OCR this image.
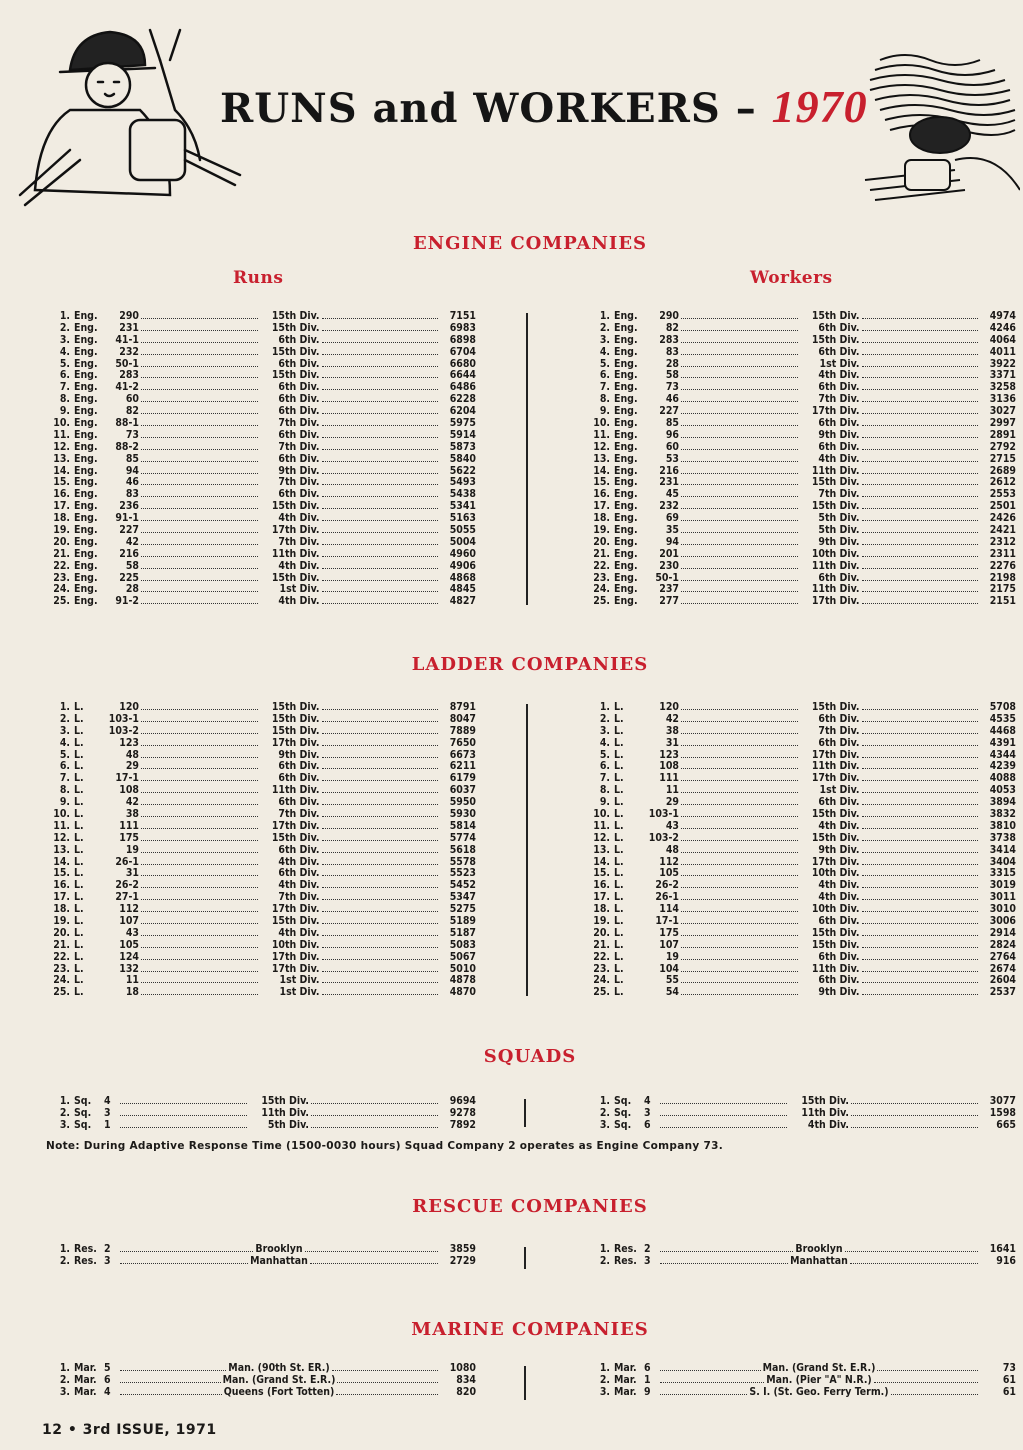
RUNS and WORKERS – 1970
ENGINE COMPANIES
Runs	Workers
1. Eng.	290	15th Div.	7151
2. Eng.	231	15th Div.	6983
3. Eng.	41-1	6th Div.	6898
4. Eng.	232	15th Div.	6704
5. Eng.	50-1	6th Div.	6680
6. Eng.	283	15th Div.	6644
7. Eng.	41-2	6th Div.	6486
8. Eng.	60	6th Div.	6228
9. Eng.	82	6th Div.	6204
10. Eng.	88-1	7th Div.	5975
11. Eng.	73	6th Div.	5914
12. Eng.	88-2	7th Div.	5873
13. Eng.	85	6th Div.	5840
14. Eng.	94	9th Div.	5622
15. Eng.	46	7th Div.	5493
16. Eng.	83	6th Div.	5438
17. Eng.	236	15th Div.	5341
18. Eng.	91-1	4th Div.	5163
19. Eng.	227	17th Div.	5055
20. Eng.	42	7th Div.	5004
21. Eng.	216	11th Div.	4960
22. Eng.	58	4th Div.	4906
23. Eng.	225	15th Div.	4868
24. Eng.	28	1st Div.	4845
25. Eng.	91-2	4th Div.	4827
1. Eng.	290	15th Div.	4974
2. Eng.	82	6th Div.	4246
3. Eng.	283	15th Div.	4064
4. Eng.	83	6th Div.	4011
5. Eng.	28	1st Div.	3922
6. Eng.	58	4th Div.	3371
7. Eng.	73	6th Div.	3258
8. Eng.	46	7th Div.	3136
9. Eng.	227	17th Div.	3027
10. Eng.	85	6th Div.	2997
11. Eng.	96	9th Div.	2891
12. Eng.	60	6th Div.	2792
13. Eng.	53	4th Div.	2715
14. Eng.	216	11th Div.	2689
15. Eng.	231	15th Div.	2612
16. Eng.	45	7th Div.	2553
17. Eng.	232	15th Div.	2501
18. Eng.	69	5th Div.	2426
19. Eng.	35	5th Div.	2421
20. Eng.	94	9th Div.	2312
21. Eng.	201	10th Div.	2311
22. Eng.	230	11th Div.	2276
23. Eng.	50-1	6th Div.	2198
24. Eng.	237	11th Div.	2175
25. Eng.	277	17th Div.	2151
LADDER COMPANIES
1. L.	120	15th Div.	8791
2. L.	103-1	15th Div.	8047
3. L.	103-2	15th Div.	7889
4. L.	123	17th Div.	7650
5. L.	48	9th Div.	6673
6. L.	29	6th Div.	6211
7. L.	17-1	6th Div.	6179
8. L.	108	11th Div.	6037
9. L.	42	6th Div.	5950
10. L.	38	7th Div.	5930
11. L.	111	17th Div.	5814
12. L.	175	15th Div.	5774
13. L.	19	6th Div.	5618
14. L.	26-1	4th Div.	5578
15. L.	31	6th Div.	5523
16. L.	26-2	4th Div.	5452
17. L.	27-1	7th Div.	5347
18. L.	112	17th Div.	5275
19. L.	107	15th Div.	5189
20. L.	43	4th Div.	5187
21. L.	105	10th Div.	5083
22. L.	124	17th Div.	5067
23. L.	132	17th Div.	5010
24. L.	11	1st Div.	4878
25. L.	18	1st Div.	4870
1. L.	120	15th Div.	5708
2. L.	42	6th Div.	4535
3. L.	38	7th Div.	4468
4. L.	31	6th Div.	4391
5. L.	123	17th Div.	4344
6. L.	108	11th Div.	4239
7. L.	111	17th Div.	4088
8. L.	11	1st Div.	4053
9. L.	29	6th Div.	3894
10. L.	103-1	15th Div.	3832
11. L.	43	4th Div.	3810
12. L.	103-2	15th Div.	3738
13. L.	48	9th Div.	3414
14. L.	112	17th Div.	3404
15. L.	105	10th Div.	3315
16. L.	26-2	4th Div.	3019
17. L.	26-1	4th Div.	3011
18. L.	114	10th Div.	3010
19. L.	17-1	6th Div.	3006
20. L.	175	15th Div.	2914
21. L.	107	15th Div.	2824
22. L.	19	6th Div.	2764
23. L.	104	11th Div.	2674
24. L.	55	6th Div.	2604
25. L.	54	9th Div.	2537
SQUADS
1. Sq.	4	15th Div.	9694
2. Sq.	3	11th Div.	9278
3. Sq.	1	5th Div.	7892
1. Sq.	4	15th Div.	3077
2. Sq.	3	11th Div.	1598
3. Sq.	6	4th Div.	665
Note: During Adaptive Response Time (1500-0030 hours) Squad Company 2 operates as Engine Company 73.
RESCUE COMPANIES
1. Res. 2	Brooklyn	3859
2. Res. 3	Manhattan	2729
1. Res. 2	Brooklyn	1641
2. Res. 3	Manhattan	916
MARINE COMPANIES
1. Mar. 5	Man. (90th St. ER.)	1080
2. Mar. 6	Man. (Grand St. E.R.)	834
3. Mar. 4	Queens (Fort Totten)	820
1. Mar. 6	Man. (Grand St. E.R.)	73
2. Mar. 1	Man. (Pier "A" N.R.)	61
3. Mar. 9	S. I. (St. Geo. Ferry Term.)	61
12 • 3rd ISSUE, 1971
